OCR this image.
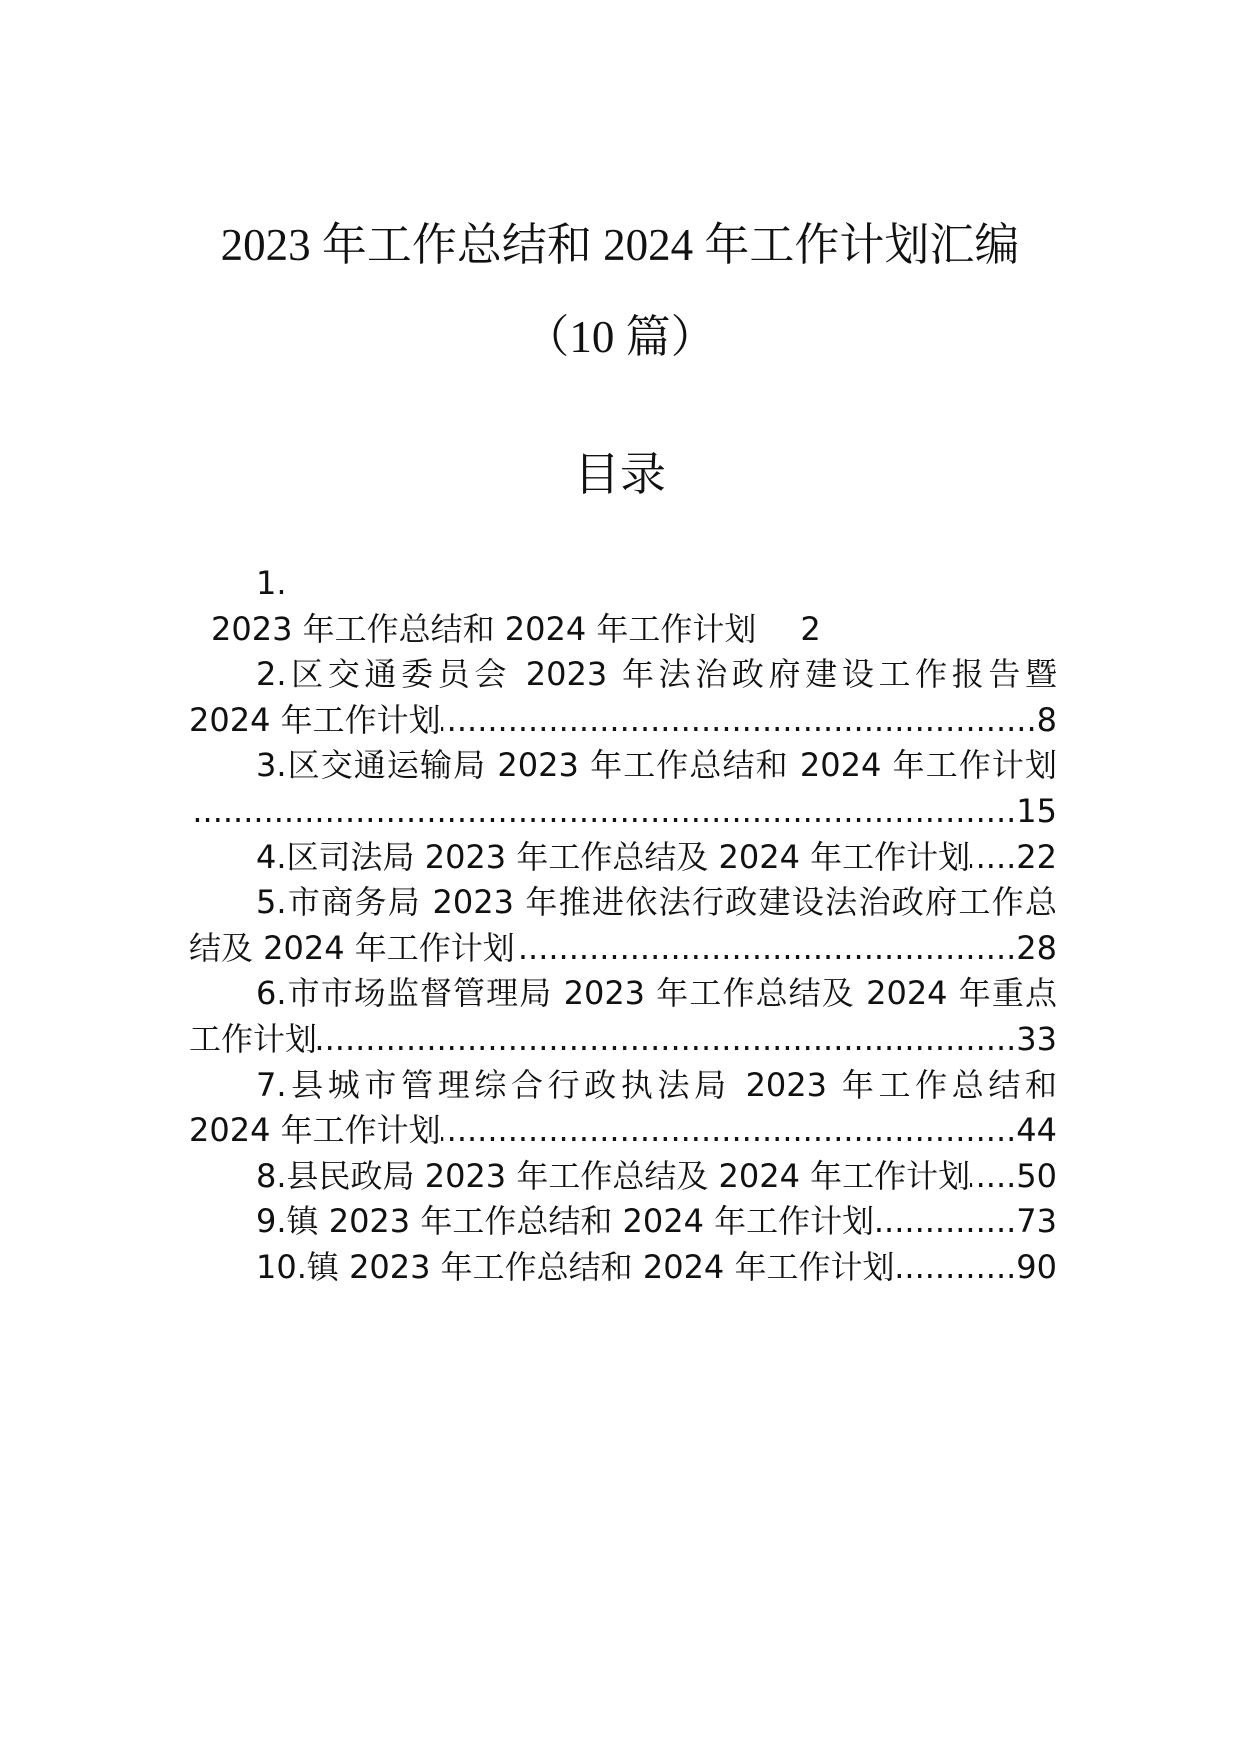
2023 年工作总结和 2024 年工作计划汇编
（10 篇）
目录
1.
2023 年工作总结和 2024 年工作计划 2
2.区交通委员会 2023 年法治政府建设工作报告暨
2024 年工作计划 .....	8
3.区交通运输局 2023 年工作总结和 2024 年工作计划
.....
15
4. 区司法局 2023 年工作总结及 2024 年工作计划 ..... 22
5.市商务局 2023 年推进依法行政建设法治政府工作总
结及 2024 年工作计划 .....	28
6.市市场监督管理局 2023 年工作总结及 2024 年重点
工作计划 .....	33
7.县城市管理综合行政执法局 2023 年工作总结和
2024 年工作计划 .....	44
8. 县民政局 2023 年工作总结及 2024 年工作计划 ..... 50
9. 镇 2023 年工作总结和 2024 年工作计划 .....	73
10. 镇 2023 年工作总结和 2024 年工作计划 .....	90
